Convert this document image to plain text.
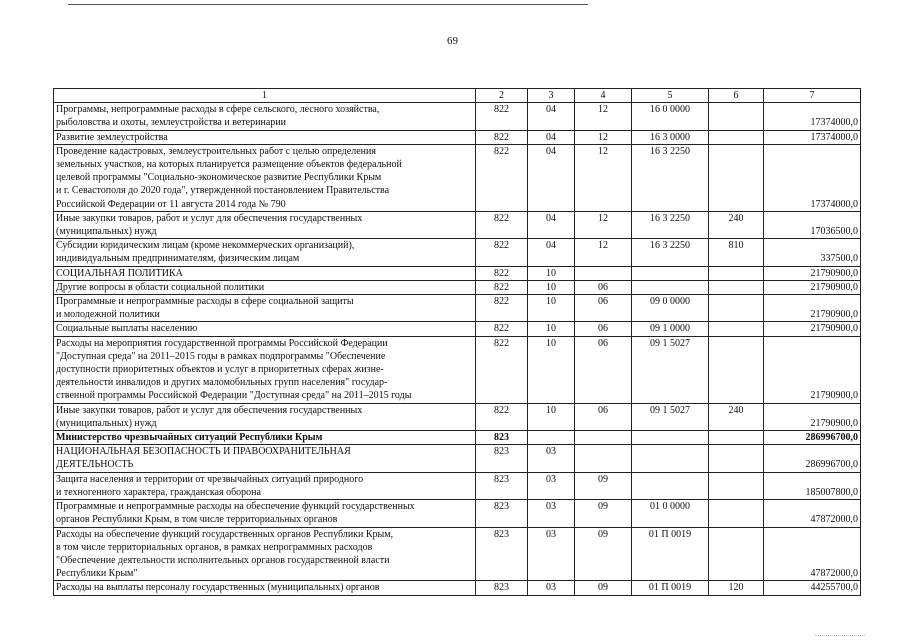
69
1	2	3	4	5	6	7

Программы, непрограммные расходы в сфере сельского, лесного хозяйства,
рыболовства и охоты, землеустройства и ветеринарии	822	04	12	16 0 0000		17374000,0

Развитие землеустройства	822	04	12	16 3 0000		17374000,0

Проведение кадастровых, землеустроительных работ с целью определения
земельных участков, на которых планируется размещение объектов федеральной
целевой программы "Социально-экономическое развитие Республики Крым
и г. Севастополя до 2020 года", утвержденной постановлением Правительства
Российской Федерации от 11 августа 2014 года № 790	822	04	12	16 3 2250		17374000,0

Иные закупки товаров, работ и услуг для обеспечения государственных
(муниципальных) нужд	822	04	12	16 3 2250	240	17036500,0

Субсидии юридическим лицам (кроме некоммерческих организаций),
индивидуальным предпринимателям, физическим лицам	822	04	12	16 3 2250	810	337500,0

СОЦИАЛЬНАЯ ПОЛИТИКА	822	10				21790900,0

Другие вопросы в области социальной политики	822	10	06			21790900,0

Программные и непрограммные расходы в сфере социальной защиты
и молодежной политики	822	10	06	09 0 0000		21790900,0

Социальные выплаты населению	822	10	06	09 1 0000		21790900,0

Расходы на мероприятия государственной программы Российской Федерации
"Доступная среда" на 2011–2015 годы в рамках подпрограммы "Обеспечение
доступности приоритетных объектов и услуг в приоритетных сферах жизне-
деятельности инвалидов и других маломобильных групп населения" государ-
ственной программы Российской Федерации "Доступная среда" на 2011–2015 годы	822	10	06	09 1 5027		21790900,0

Иные закупки товаров, работ и услуг для обеспечения государственных
(муниципальных) нужд	822	10	06	09 1 5027	240	21790900,0

Министерство чрезвычайных ситуаций Республики Крым	823					286996700,0

НАЦИОНАЛЬНАЯ БЕЗОПАСНОСТЬ И ПРАВООХРАНИТЕЛЬНАЯ
ДЕЯТЕЛЬНОСТЬ	823	03				286996700,0

Защита населения и территории от чрезвычайных ситуаций природного
и техногенного характера, гражданская оборона	823	03	09			185007800,0

Программные и непрограммные расходы на обеспечение функций государственных
органов Республики Крым, в том числе территориальных органов	823	03	09	01 0 0000		47872000,0

Расходы на обеспечение функций государственных органов Республики Крым,
в том числе территориальных органов, в рамках непрограммных расходов
"Обеспечение деятельности исполнительных органов государственной власти
Республики Крым"	823	03	09	01 П 0019		47872000,0

Расходы на выплаты персоналу государственных (муниципальных) органов	823	03	09	01 П 0019	120	44255700,0
